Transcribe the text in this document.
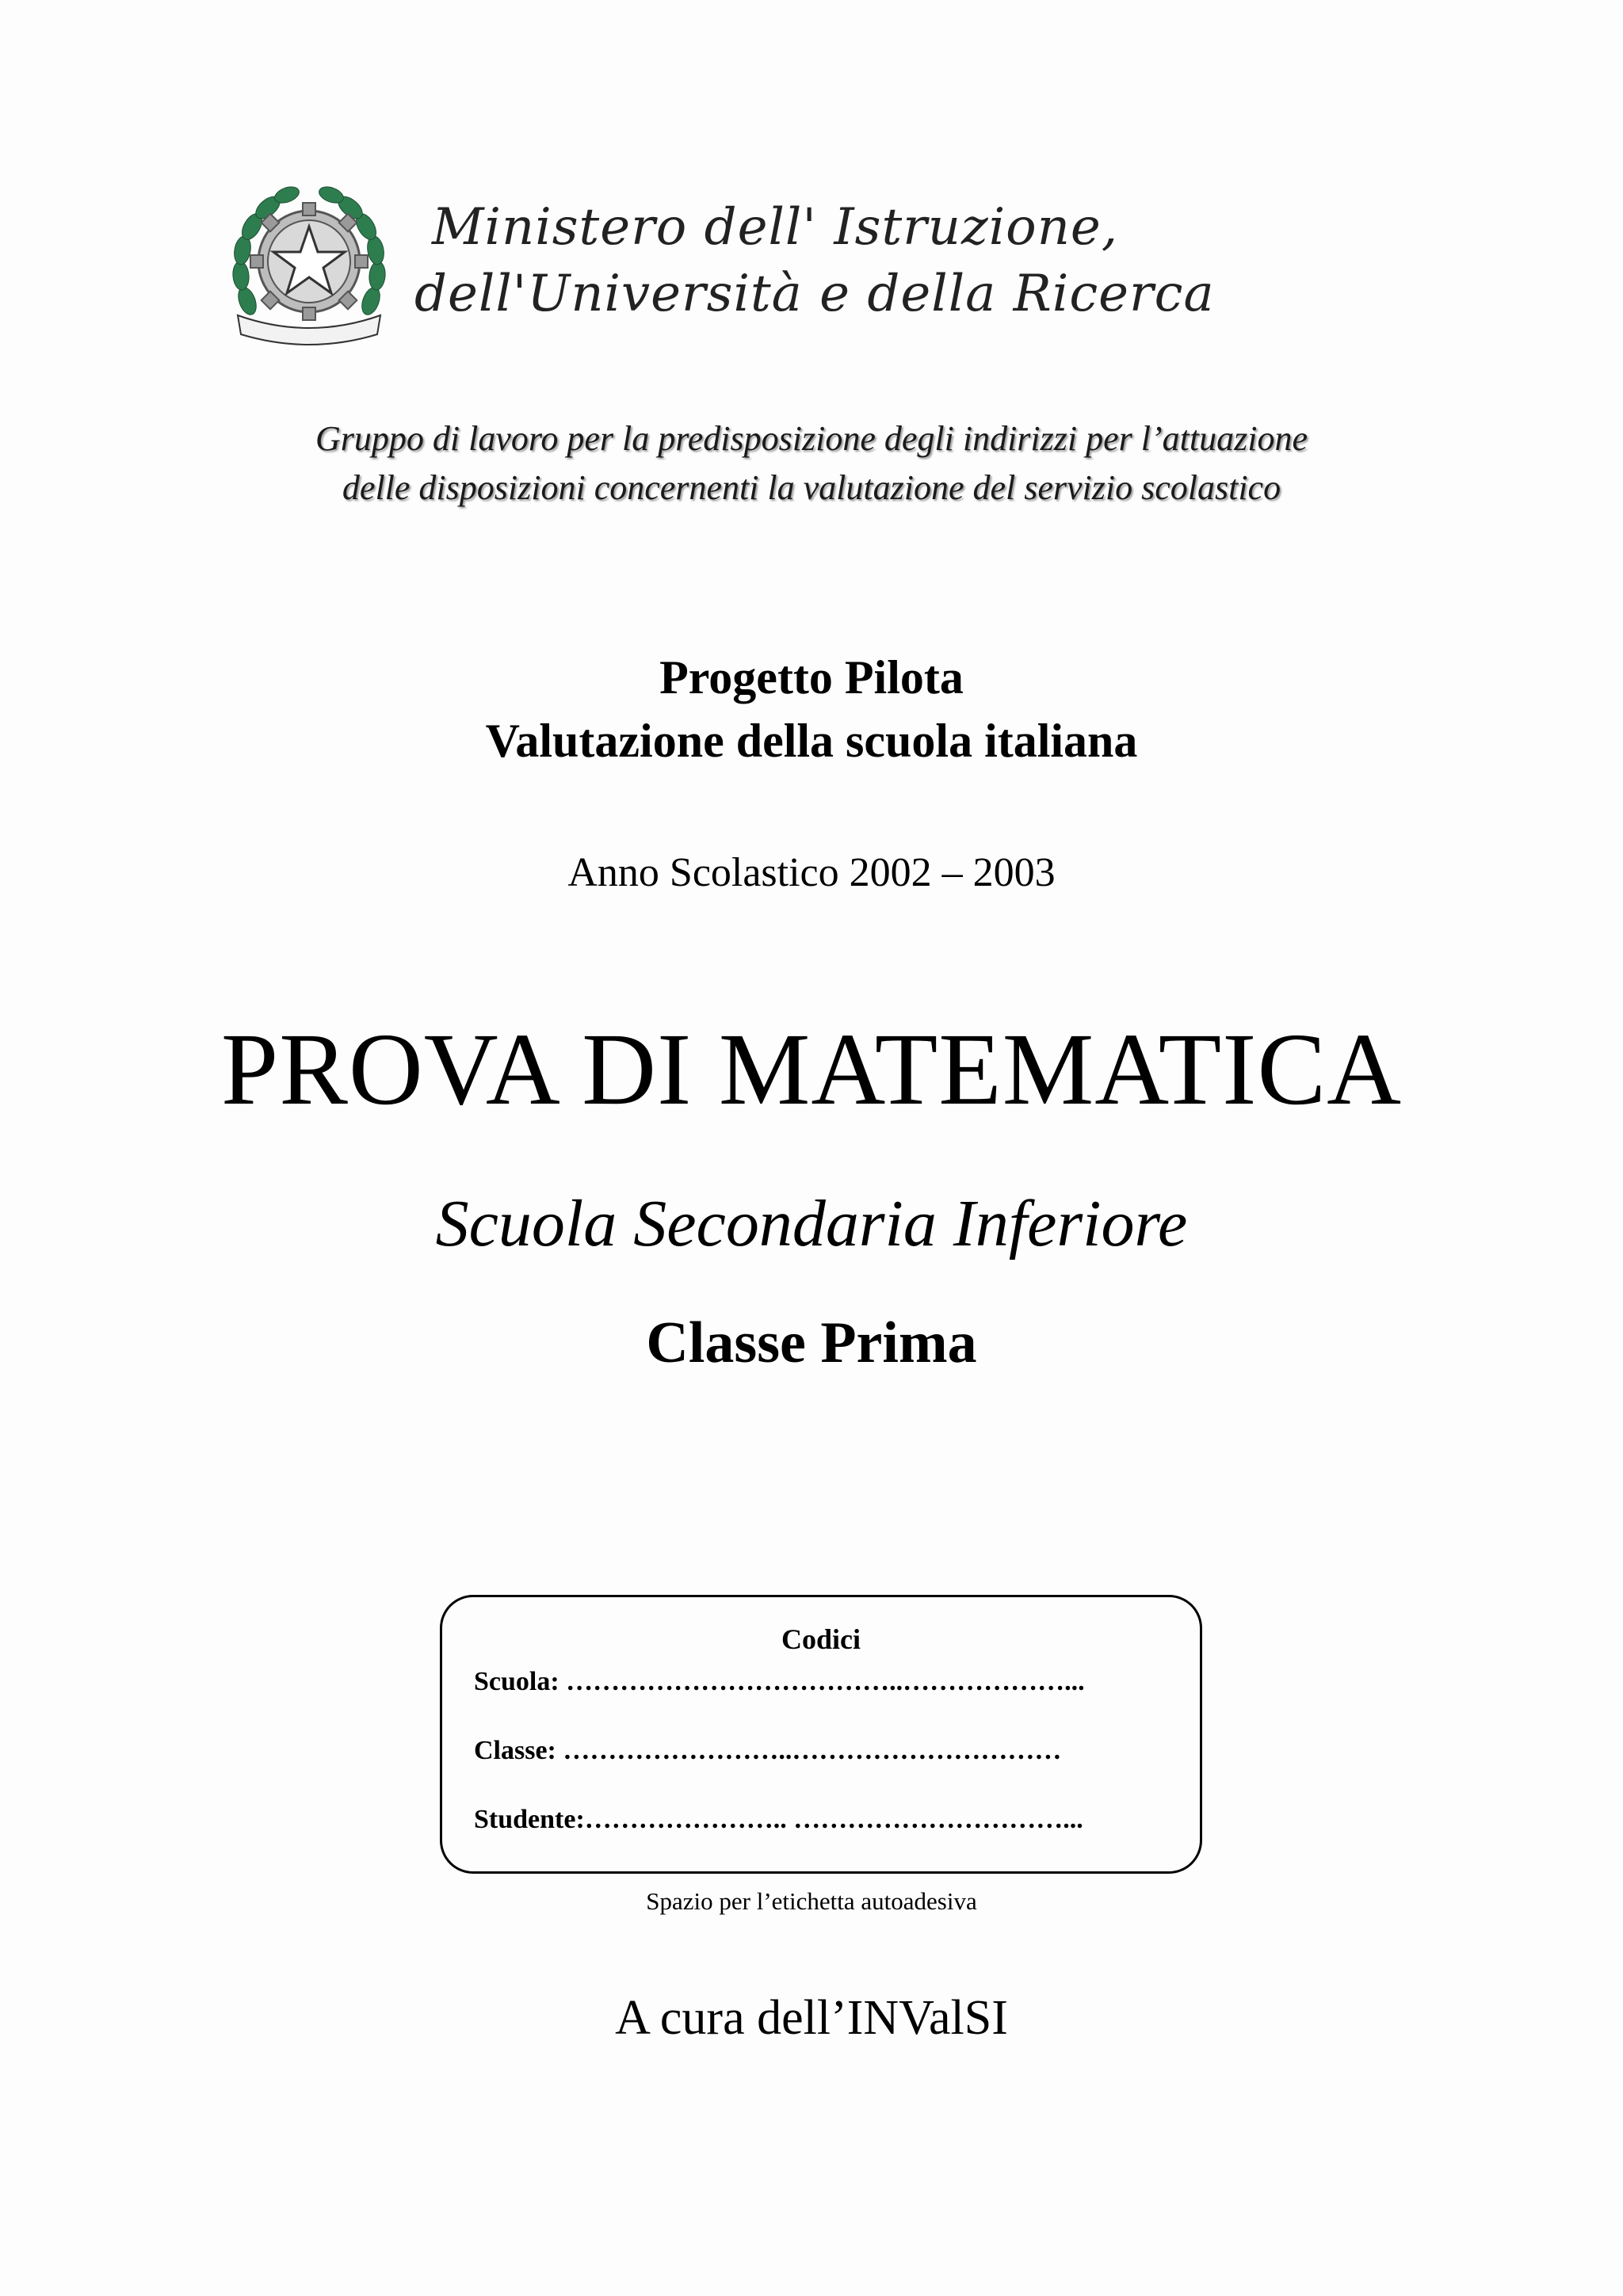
Ministero dell' Istruzione,
dell'Università e della Ricerca
Gruppo di lavoro per la predisposizione degli indirizzi per l’attuazione
delle disposizioni concernenti la valutazione del servizio scolastico
Progetto Pilota
Valutazione della scuola italiana
Anno Scolastico 2002 – 2003
PROVA DI MATEMATICA
Scuola Secondaria Inferiore
Classe Prima
Codici
Scuola: ………………………………..………………...
Classe: ……………………..…………………………
Studente:………………….. …………………………...
Spazio per l’etichetta autoadesiva
A cura dell’INValSI
